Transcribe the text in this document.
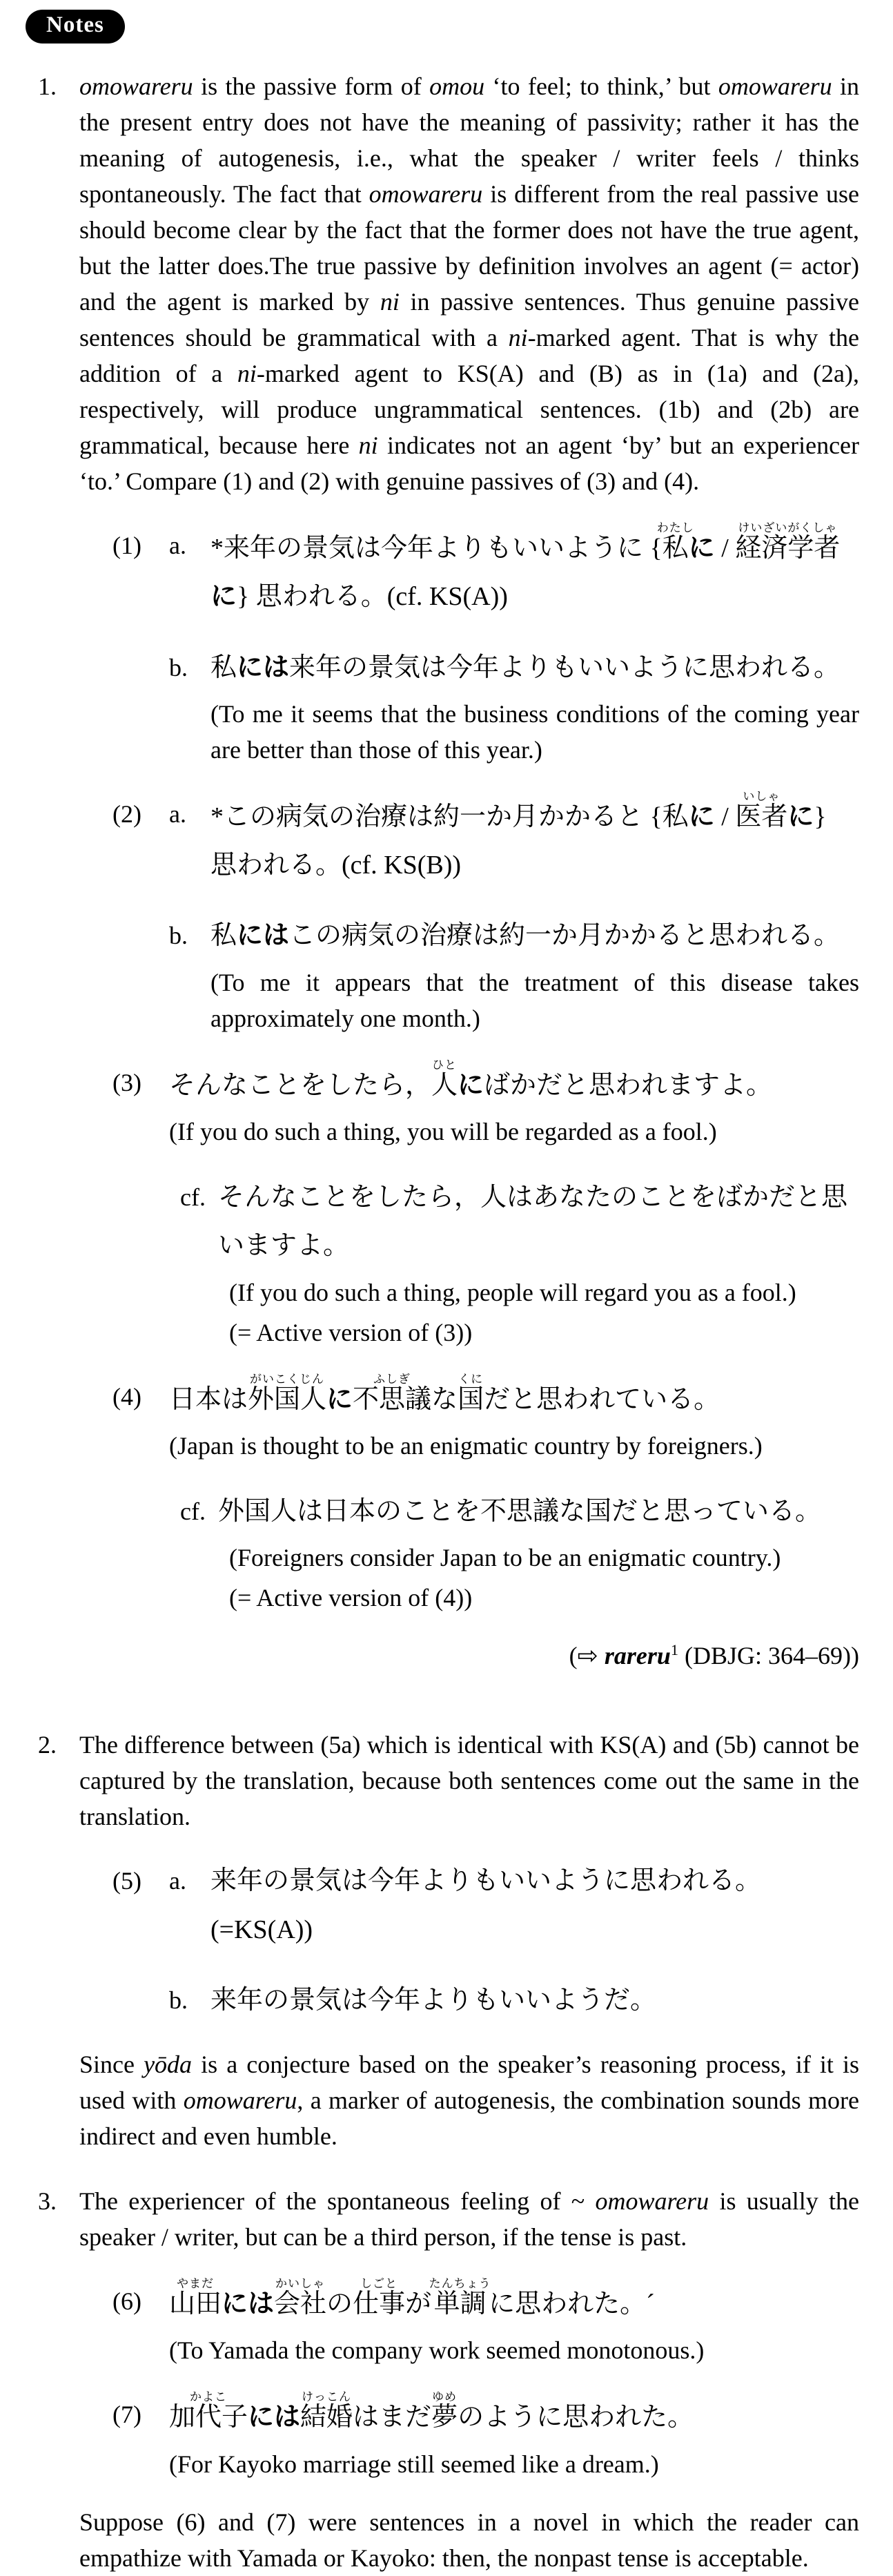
Notes
1. omowareru is the passive form of omou ‘to feel; to think,’ but omowareru in the present entry does not have the meaning of passivity; rather it has the meaning of autogenesis, i.e., what the speaker / writer feels / thinks spontaneously. The fact that omowareru is different from the real passive use should become clear by the fact that the former does not have the true agent, but the latter does.The true passive by definition involves an agent (= actor) and the agent is marked by ni in passive sentences. Thus genuine passive sentences should be grammatical with a ni-marked agent. That is why the addition of a ni-marked agent to KS(A) and (B) as in (1a) and (2a), respectively, will produce ungrammatical sentences. (1b) and (2b) are grammatical, because here ni indicates not an agent ‘by’ but an experiencer ‘to.’ Compare (1) and (2) with genuine passives of (3) and (4).

(1)	a. *来年の景気は今年よりもいいように {私わたしに / 経済学者けいざいがくしゃに} 思われる。(cf. KS(A))

b. 私には来年の景気は今年よりもいいように思われる。

(To me it seems that the business conditions of the coming year are better than those of this year.)

(2)	a. *この病気の治療は約一か月かかると {私に / 医者いしゃに} 思われる。(cf. KS(B))

b. 私にはこの病気の治療は約一か月かかると思われる。

(To me it appears that the treatment of this disease takes approximately one month.)

(3)	そんなことをしたら，人ひとにばかだと思われますよ。

(If you do such a thing, you will be regarded as a fool.)

cf. そんなことをしたら，人はあなたのことをばかだと思いますよ。

(If you do such a thing, people will regard you as a fool.)

(= Active version of (3))

(4)	日本は外国人がいこくじんに不思議ふしぎな国くにだと思われている。

(Japan is thought to be an enigmatic country by foreigners.)

cf. 外国人は日本のことを不思議な国だと思っている。

(Foreigners consider Japan to be an enigmatic country.)

(= Active version of (4))

(⇨ rareru$^1$ (DBJG: 364–69))

2. The difference between (5a) which is identical with KS(A) and (5b) cannot be captured by the translation, because both sentences come out the same in the translation.

(5)	a. 来年の景気は今年よりもいいように思われる。(=KS(A))

b. 来年の景気は今年よりもいいようだ。

Since yōda is a conjecture based on the speaker’s reasoning process, if it is used with omowareru, a marker of autogenesis, the combination sounds more indirect and even humble.

3. The experiencer of the spontaneous feeling of ~ omowareru is usually the speaker / writer, but can be a third person, if the tense is past.

(6)	山田やまだには会社かいしゃの仕事しごとが単調たんちょうに思われた。´

(To Yamada the company work seemed monotonous.)

(7)	加代子かよこには結婚けっこんはまだ夢ゆめのように思われた。

(For Kayoko marriage still seemed like a dream.)

Suppose (6) and (7) were sentences in a novel in which the reader can empathize with Yamada or Kayoko: then, the nonpast tense is acceptable.
